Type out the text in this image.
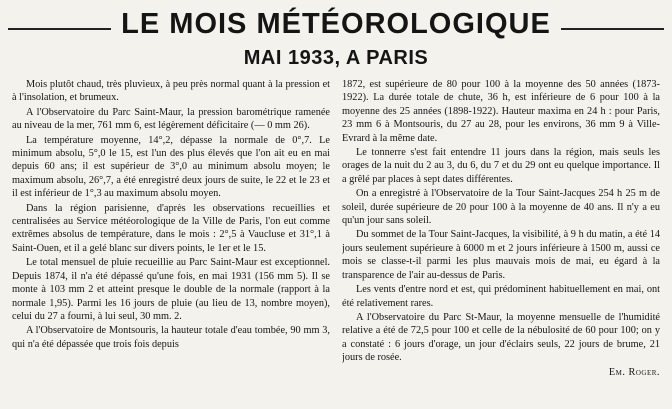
LE MOIS MÉTÉOROLOGIQUE
MAI 1933, A PARIS

Mois plutôt chaud, très pluvieux, à peu près normal quant à la pression et à l'insolation, et brumeux.

A l'Observatoire du Parc Saint-Maur, la pression barométrique ramenée au niveau de la mer, 761 mm 6, est légèrement déficitaire (— 0 mm 26).

La température moyenne, 14°,2, dépasse la normale de 0°,7. Le minimum absolu, 5°,0 le 15, est l'un des plus élevés que l'on ait eu en mai depuis 60 ans; il est supérieur de 3°,0 au minimum absolu moyen; le maximum absolu, 26°,7, a été enregistré deux jours de suite, le 22 et le 23 et il est inférieur de 1°,3 au maximum absolu moyen.

Dans la région parisienne, d'après les observations recueillies et centralisées au Service météorologique de la Ville de Paris, l'on eut comme extrêmes absolus de température, dans le mois : 2°,5 à Vaucluse et 31°,1 à Saint-Ouen, et il a gelé blanc sur divers points, le 1er et le 15.

Le total mensuel de pluie recueillie au Parc Saint-Maur est exceptionnel. Depuis 1874, il n'a été dépassé qu'une fois, en mai 1931 (156 mm 5). Il se monte à 103 mm 2 et atteint presque le double de la normale (rapport à la normale 1,95). Parmi les 16 jours de pluie (au lieu de 13, nombre moyen), celui du 27 a fourni, à lui seul, 30 mm. 2.

A l'Observatoire de Montsouris, la hauteur totale d'eau tombée, 90 mm 3, qui n'a été dépassée que trois fois depuis

1872, est supérieure de 80 pour 100 à la moyenne des 50 années (1873-1922). La durée totale de chute, 36 h, est inférieure de 6 pour 100 à la moyenne des 25 années (1898-1922). Hauteur maxima en 24 h : pour Paris, 23 mm 6 à Montsouris, du 27 au 28, pour les environs, 36 mm 9 à Ville-Evrard à la même date.

Le tonnerre s'est fait entendre 11 jours dans la région, mais seuls les orages de la nuit du 2 au 3, du 6, du 7 et du 29 ont eu quelque importance. Il a grêlé par places à sept dates différentes.

On a enregistré à l'Observatoire de la Tour Saint-Jacques 254 h 25 m de soleil, durée supérieure de 20 pour 100 à la moyenne de 40 ans. Il n'y a eu qu'un jour sans soleil.

Du sommet de la Tour Saint-Jacques, la visibilité, à 9 h du matin, a été 14 jours seulement supérieure à 6000 m et 2 jours inférieure à 1500 m, aussi ce mois se classe-t-il parmi les plus mauvais mois de mai, eu égard à la transparence de l'air au-dessus de Paris.

Les vents d'entre nord et est, qui prédominent habituellement en mai, ont été relativement rares.

A l'Observatoire du Parc St-Maur, la moyenne mensuelle de l'humidité relative a été de 72,5 pour 100 et celle de la nébulosité de 60 pour 100; on y a constaté : 6 jours d'orage, un jour d'éclairs seuls, 22 jours de brume, 21 jours de rosée.

Em. Roger.
